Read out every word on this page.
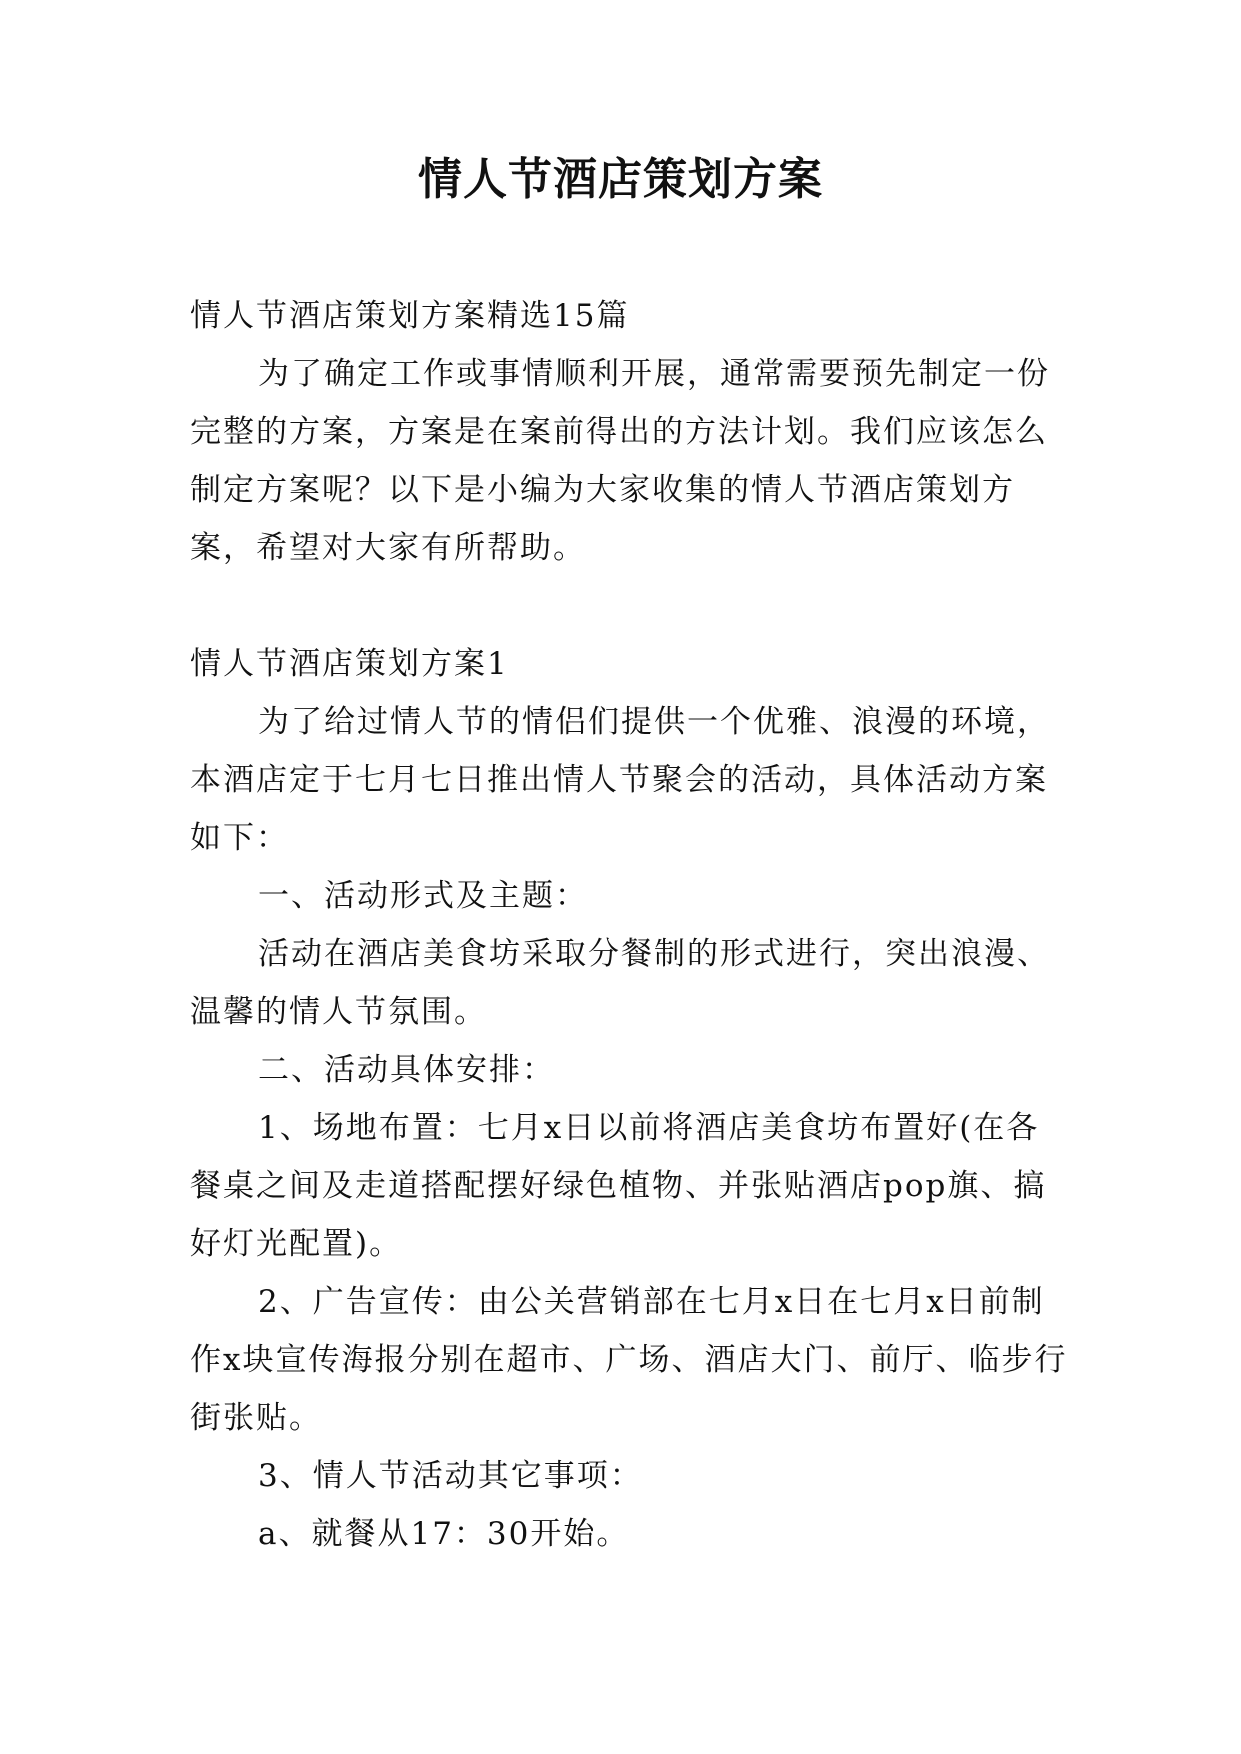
情人节酒店策划方案

情人节酒店策划方案精选15篇

为了确定工作或事情顺利开展，通常需要预先制定一份完整的方案，方案是在案前得出的方法计划。我们应该怎么制定方案呢？以下是小编为大家收集的情人节酒店策划方案，希望对大家有所帮助。

情人节酒店策划方案1

为了给过情人节的情侣们提供一个优雅、浪漫的环境，本酒店定于七月七日推出情人节聚会的活动，具体活动方案如下：

一、活动形式及主题：

活动在酒店美食坊采取分餐制的形式进行，突出浪漫、温馨的情人节氛围。

二、活动具体安排：

1、场地布置：七月x日以前将酒店美食坊布置好(在各餐桌之间及走道搭配摆好绿色植物、并张贴酒店pop旗、搞好灯光配置)。

2、广告宣传：由公关营销部在七月x日在七月x日前制作x块宣传海报分别在超市、广场、酒店大门、前厅、临步行街张贴。

3、情人节活动其它事项：

a、就餐从17：30开始。
